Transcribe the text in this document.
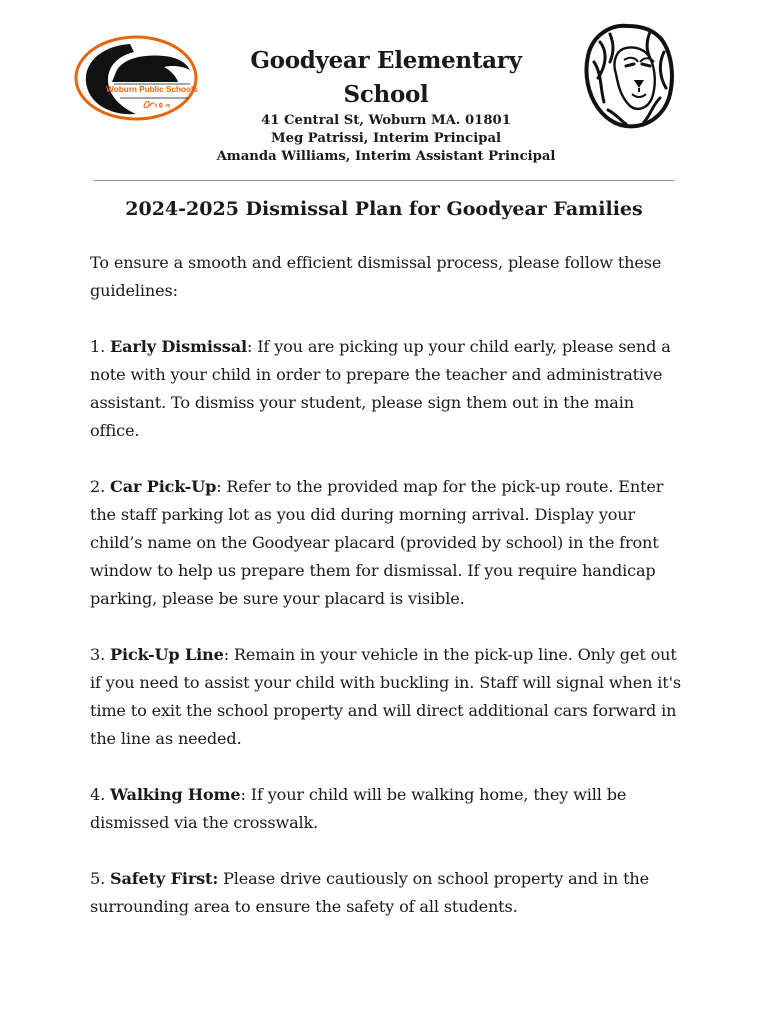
Woburn Public Schools
Goodyear Elementary School
41 Central St, Woburn MA. 01801
Meg Patrissi, Interim Principal
Amanda Williams, Interim Assistant Principal
2024-2025 Dismissal Plan for Goodyear Families

To ensure a smooth and efficient dismissal process, please follow these guidelines:

1. Early Dismissal: If you are picking up your child early, please send a note with your child in order to prepare the teacher and administrative assistant. To dismiss your student, please sign them out in the main office.

2. Car Pick-Up: Refer to the provided map for the pick-up route. Enter the staff parking lot as you did during morning arrival. Display your child’s name on the Goodyear placard (provided by school) in the front window to help us prepare them for dismissal. If you require handicap parking, please be sure your placard is visible.

3. Pick-Up Line: Remain in your vehicle in the pick-up line. Only get out if you need to assist your child with buckling in. Staff will signal when it's time to exit the school property and will direct additional cars forward in the line as needed.

4. Walking Home: If your child will be walking home, they will be dismissed via the crosswalk.

5. Safety First: Please drive cautiously on school property and in the surrounding area to ensure the safety of all students.
